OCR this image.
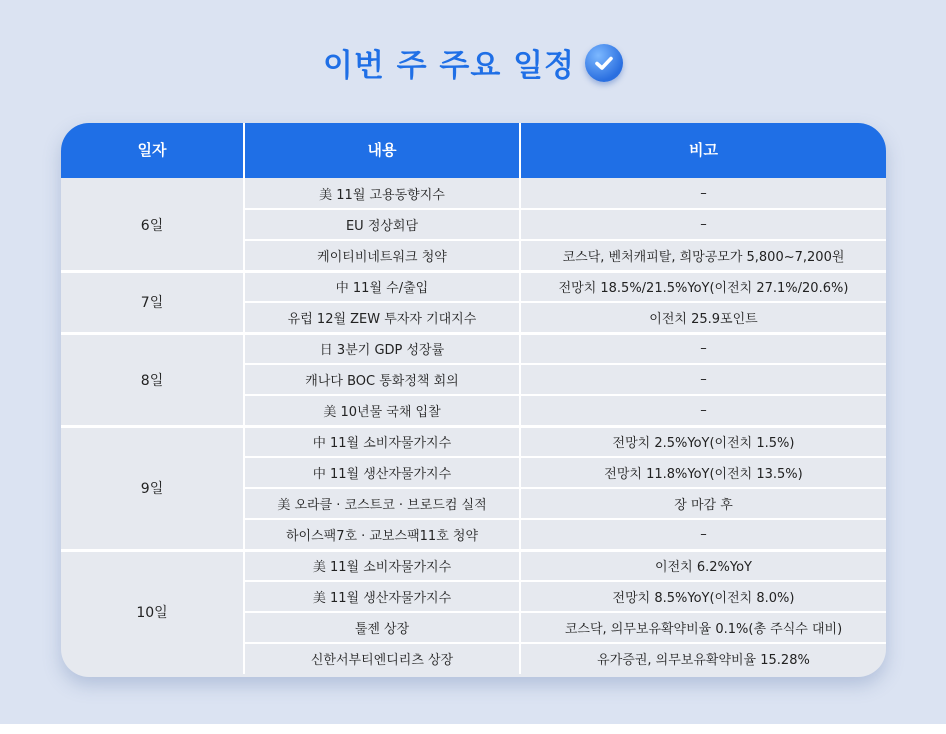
이번 주 주요 일정
일자	내용	비고
6일
美 11월 고용동향지수	–
EU 정상회담	–
케이티비네트워크 청약	코스닥, 벤처캐피탈, 희망공모가 5,800~7,200원
7일
中 11월 수/출입	전망치 18.5%/21.5%YoY(이전치 27.1%/20.6%)
유럽 12월 ZEW 투자자 기대지수	이전치 25.9포인트
8일
日 3분기 GDP 성장률	–
캐나다 BOC 통화정책 회의	–
美 10년물 국채 입찰	–
9일
中 11월 소비자물가지수	전망치 2.5%YoY(이전치 1.5%)
中 11월 생산자물가지수	전망치 11.8%YoY(이전치 13.5%)
美 오라클 · 코스트코 · 브로드컴 실적	장 마감 후
하이스팩7호 · 교보스팩11호 청약	–
10일
美 11월 소비자물가지수	이전치 6.2%YoY
美 11월 생산자물가지수	전망치 8.5%YoY(이전치 8.0%)
툴젠 상장	코스닥, 의무보유확약비율 0.1%(총 주식수 대비)
신한서부티엔디리츠 상장	유가증권, 의무보유확약비율 15.28%
